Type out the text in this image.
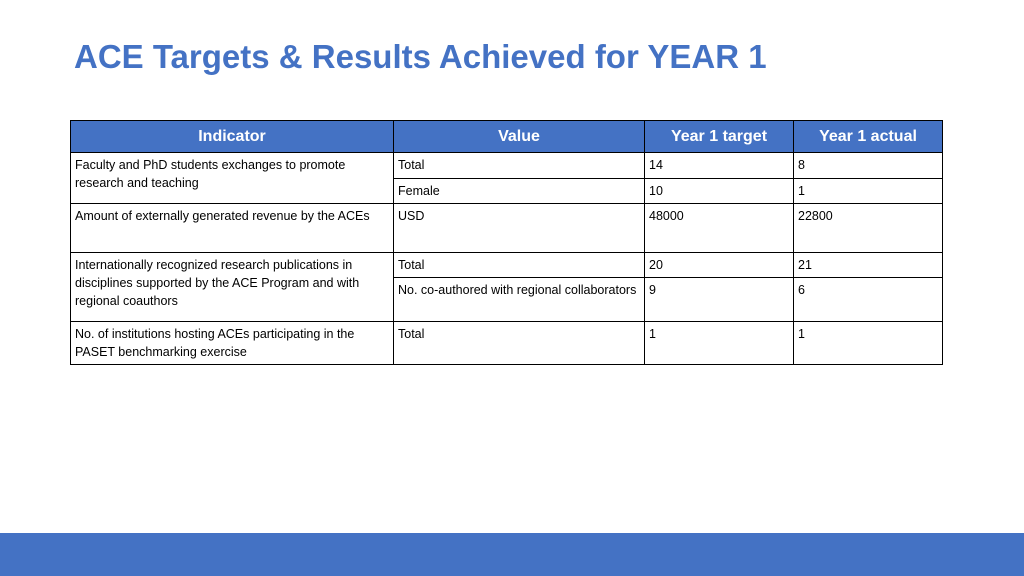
ACE Targets & Results Achieved for YEAR 1
Indicator	Value	Year 1 target	Year 1 actual
Faculty and PhD students exchanges to promote research and teaching	Total	14	8
	Female	10	1
Amount of externally generated revenue by the ACEs	USD	48000	22800
Internationally recognized research publications in disciplines supported by the ACE Program and with regional coauthors	Total	20	21
	No. co-authored with regional collaborators	9	6
No. of institutions hosting ACEs participating in the PASET benchmarking exercise	Total	1	1
